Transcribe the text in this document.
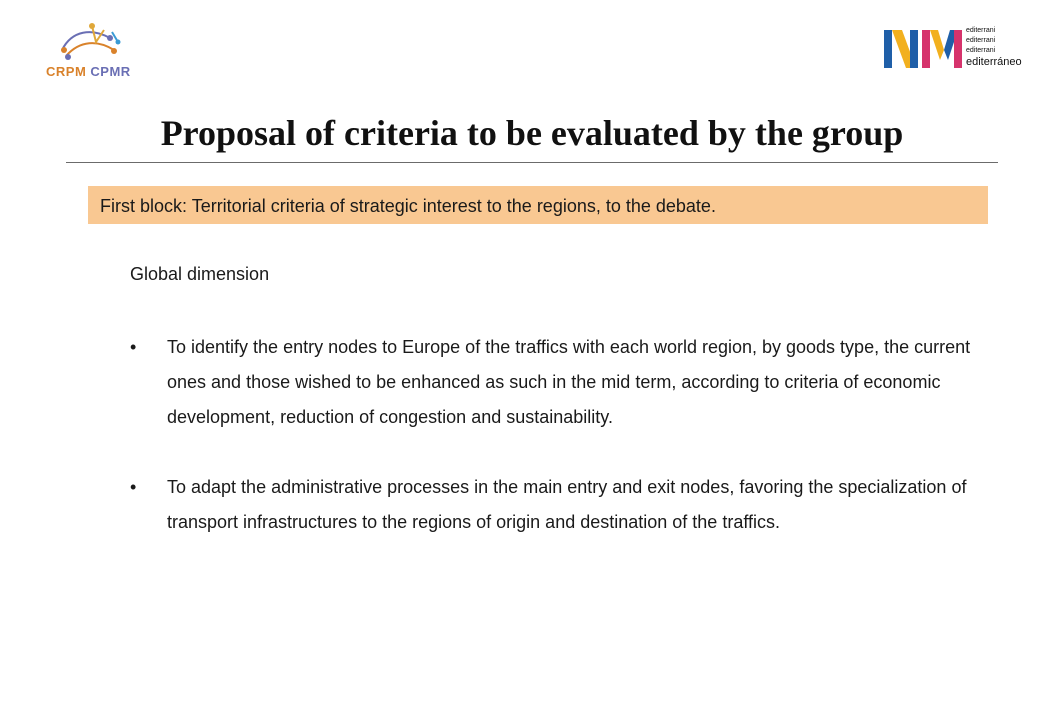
CRPM CPMR
editerrani
editerrani
editerrani
editerráneo
Proposal of criteria to be evaluated by the group
First block: Territorial criteria of strategic interest to the regions, to the debate.
Global dimension
• To identify the entry nodes to Europe of the traffics with each world region, by goods type, the current ones and those wished to be enhanced as such in the mid term, according to criteria of economic development, reduction of congestion and sustainability.
• To adapt the administrative processes in the main entry and exit nodes, favoring the specialization of transport infrastructures to the regions of origin and destination of the traffics.
